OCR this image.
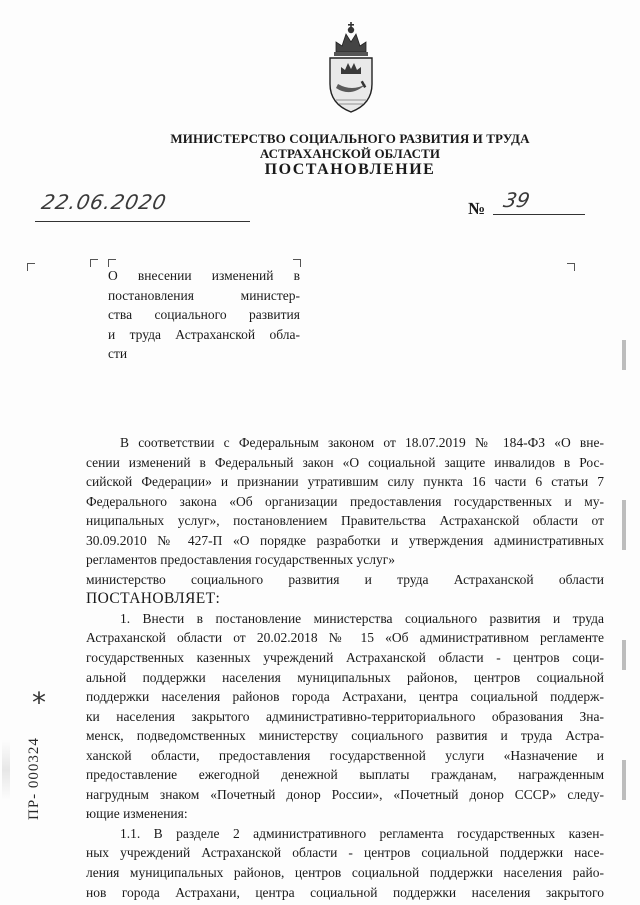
МИНИСТЕРСТВО СОЦИАЛЬНОГО РАЗВИТИЯ И ТРУДА
АСТРАХАНСКОЙ ОБЛАСТИ
ПОСТАНОВЛЕНИЕ
22.06.2020	№ 39
О внесении изменений в
постановления министер-
ства социального развития
и труда Астраханской обла-
сти
В соответствии с Федеральным законом от 18.07.2019 № 184-ФЗ «О вне-
сении изменений в Федеральный закон «О социальной защите инвалидов в Рос-
сийской Федерации» и признании утратившим силу пункта 16 части 6 статьи 7
Федерального закона «Об организации предоставления государственных и му-
ниципальных услуг», постановлением Правительства Астраханской области от
30.09.2010 № 427-П «О порядке разработки и утверждения административных
регламентов предоставления государственных услуг»
министерство социального развития и труда Астраханской области
ПОСТАНОВЛЯЕТ:
1. Внести в постановление министерства социального развития и труда
Астраханской области от 20.02.2018 № 15 «Об административном регламенте
государственных казенных учреждений Астраханской области - центров соци-
альной поддержки населения муниципальных районов, центров социальной
поддержки населения районов города Астрахани, центра социальной поддерж-
ки населения закрытого административно-территориального образования Зна-
менск, подведомственных министерству социального развития и труда Астра-
ханской области, предоставления государственной услуги «Назначение и
предоставление ежегодной денежной выплаты гражданам, награжденным
нагрудным знаком «Почетный донор России», «Почетный донор СССР» следу-
ющие изменения:
1.1. В разделе 2 административного регламента государственных казен-
ных учреждений Астраханской области - центров социальной поддержки насе-
ления муниципальных районов, центров социальной поддержки населения райо-
нов города Астрахани, центра социальной поддержки населения закрытого
*
ПР- 000324
